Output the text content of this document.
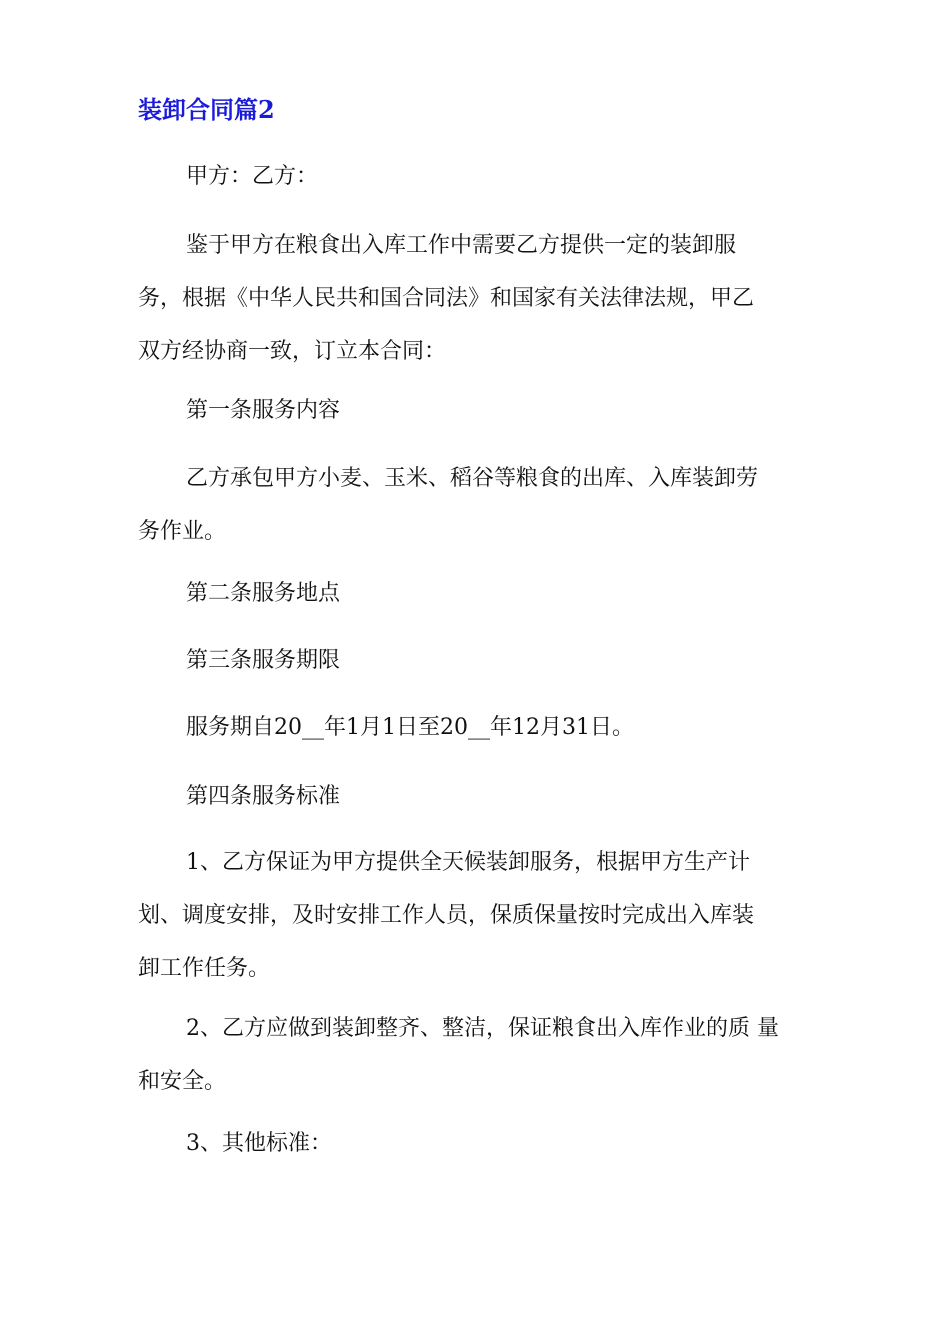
装卸合同篇2

甲方：乙方：

鉴于甲方在粮食出入库工作中需要乙方提供一定的装卸服
务，根据《中华人民共和国合同法》和国家有关法律法规，甲乙
双方经协商一致，订立本合同：

第一条服务内容

乙方承包甲方小麦、玉米、稻谷等粮食的出库、入库装卸劳
务作业。

第二条服务地点

第三条服务期限

服务期自20__年1月1日至20__年12月31日。

第四条服务标准

1、乙方保证为甲方提供全天候装卸服务，根据甲方生产计
划、调度安排，及时安排工作人员，保质保量按时完成出入库装
卸工作任务。

2、乙方应做到装卸整齐、整洁，保证粮食出入库作业的质 量
和安全。

3、其他标准：
